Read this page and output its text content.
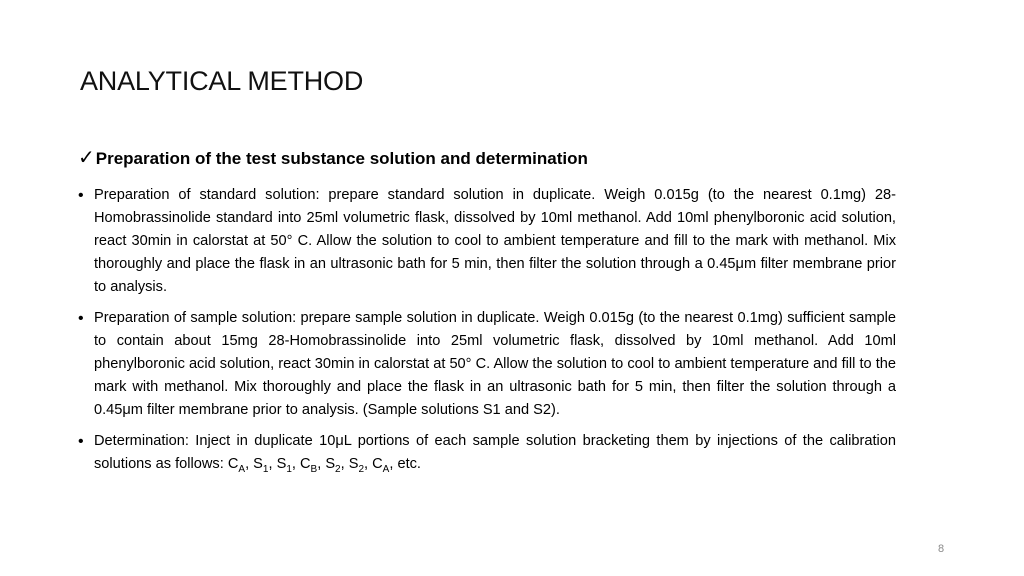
ANALYTICAL METHOD
✓Preparation of the test substance solution and determination
• Preparation of standard solution: prepare standard solution in duplicate. Weigh 0.015g (to the nearest 0.1mg) 28-Homobrassinolide standard into 25ml volumetric flask, dissolved by 10ml methanol. Add 10ml phenylboronic acid solution, react 30min in calorstat at 50° C. Allow the solution to cool to ambient temperature and fill to the mark with methanol. Mix thoroughly and place the flask in an ultrasonic bath for 5 min, then filter the solution through a 0.45μm filter membrane prior to analysis.
• Preparation of sample solution: prepare sample solution in duplicate. Weigh 0.015g (to the nearest 0.1mg) sufficient sample to contain about 15mg 28-Homobrassinolide into 25ml volumetric flask, dissolved by 10ml methanol. Add 10ml phenylboronic acid solution, react 30min in calorstat at 50° C. Allow the solution to cool to ambient temperature and fill to the mark with methanol. Mix thoroughly and place the flask in an ultrasonic bath for 5 min, then filter the solution through a 0.45μm filter membrane prior to analysis. (Sample solutions S1 and S2).
• Determination: Inject in duplicate 10μL portions of each sample solution bracketing them by injections of the calibration solutions as follows: $C_A$, $S_1$, $S_1$, $C_B$, $S_2$, $S_2$, $C_A$, etc.
8
